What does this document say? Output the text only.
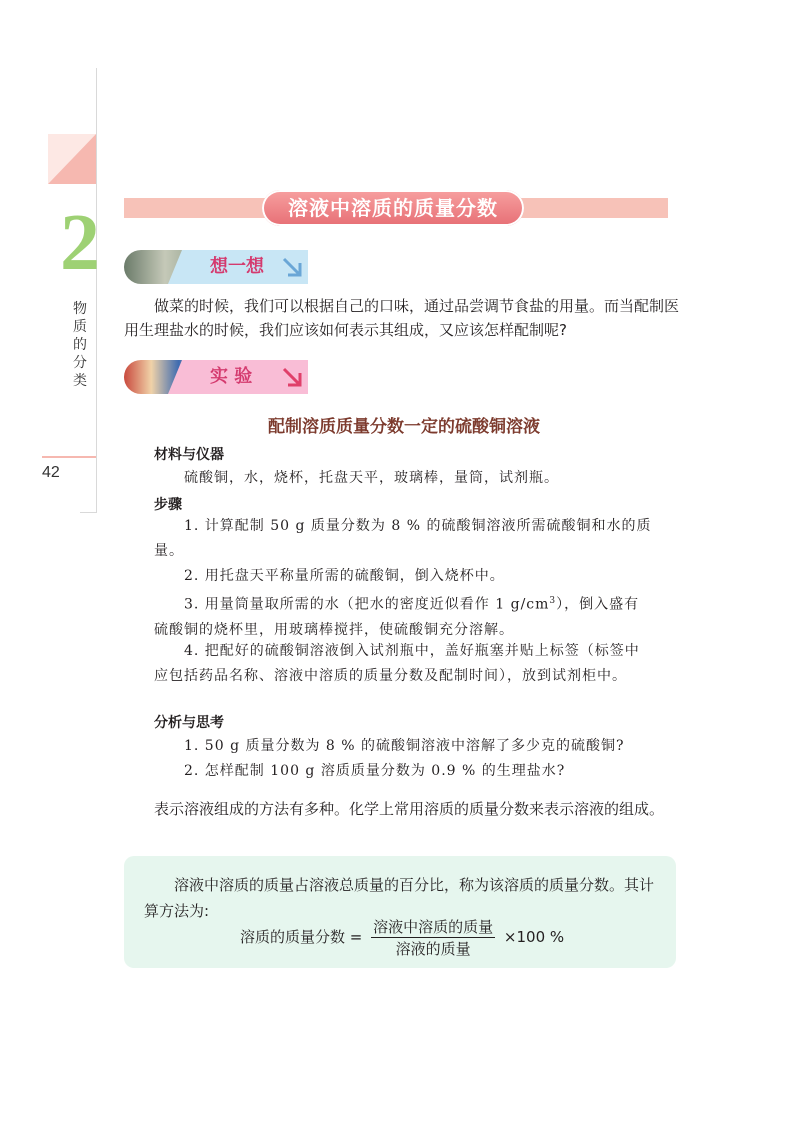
2
物质的分类
42
溶液中溶质的质量分数
想一想
做菜的时候，我们可以根据自己的口味，通过品尝调节食盐的用量。而当配制医用生理盐水的时候，我们应该如何表示其组成，又应该怎样配制呢?
实 验
配制溶质质量分数一定的硫酸铜溶液
材料与仪器
硫酸铜，水，烧杯，托盘天平，玻璃棒，量筒，试剂瓶。
步骤
1. 计算配制 50 g 质量分数为 8 % 的硫酸铜溶液所需硫酸铜和水的质量。
2. 用托盘天平称量所需的硫酸铜，倒入烧杯中。
3. 用量筒量取所需的水（把水的密度近似看作 1 $g/cm^3$），倒入盛有硫酸铜的烧杯里，用玻璃棒搅拌，使硫酸铜充分溶解。
4. 把配好的硫酸铜溶液倒入试剂瓶中，盖好瓶塞并贴上标签（标签中应包括药品名称、溶液中溶质的质量分数及配制时间），放到试剂柜中。
分析与思考
1. 50 g 质量分数为 8 % 的硫酸铜溶液中溶解了多少克的硫酸铜?
2. 怎样配制 100 g 溶质质量分数为 0.9 % 的生理盐水?
表示溶液组成的方法有多种。化学上常用溶质的质量分数来表示溶液的组成。
溶液中溶质的质量占溶液总质量的百分比，称为该溶质的质量分数。其计算方法为:
溶质的质量分数 = $\frac{\text{溶液中溶质的质量}}{\text{溶液的质量}} \times 100$ %
